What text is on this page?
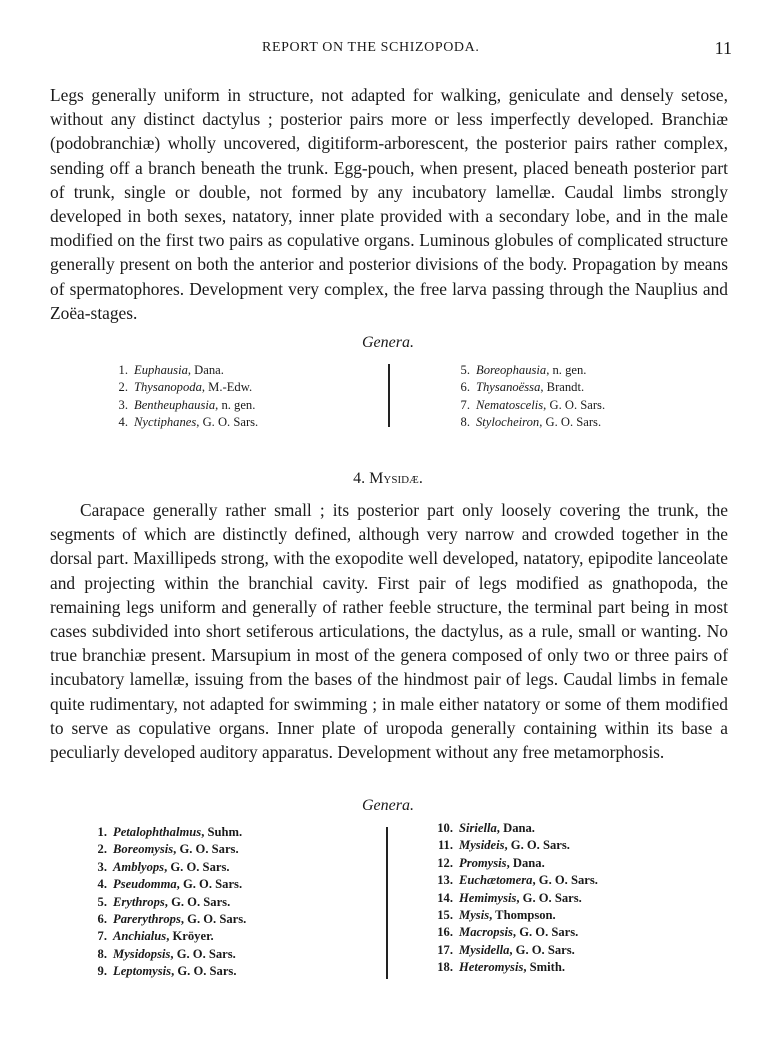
REPORT ON THE SCHIZOPODA.	11

Legs generally uniform in structure, not adapted for walking, geniculate and densely setose, without any distinct dactylus ; posterior pairs more or less imperfectly developed. Branchiæ (podobranchiæ) wholly uncovered, digitiform-arborescent, the posterior pairs rather complex, sending off a branch beneath the trunk. Egg-pouch, when present, placed beneath posterior part of trunk, single or double, not formed by any incubatory lamellæ. Caudal limbs strongly developed in both sexes, natatory, inner plate provided with a secondary lobe, and in the male modified on the first two pairs as copulative organs. Luminous globules of complicated structure generally present on both the anterior and posterior divisions of the body. Propagation by means of spermatophores. Development very complex, the free larva passing through the Nauplius and Zoëa-stages.

Genera.
1. Euphausia, Dana.
2. Thysanopoda, M.-Edw.
3. Bentheuphausia, n. gen.
4. Nyctiphanes, G. O. Sars.
5. Boreophausia, n. gen.
6. Thysanoëssa, Brandt.
7. Nematoscelis, G. O. Sars.
8. Stylocheiron, G. O. Sars.
4. Mysidæ.

Carapace generally rather small ; its posterior part only loosely covering the trunk, the segments of which are distinctly defined, although very narrow and crowded together in the dorsal part. Maxillipeds strong, with the exopodite well developed, natatory, epipodite lanceolate and projecting within the branchial cavity. First pair of legs modified as gnathopoda, the remaining legs uniform and generally of rather feeble structure, the terminal part being in most cases subdivided into short setiferous articulations, the dactylus, as a rule, small or wanting. No true branchiæ present. Marsupium in most of the genera composed of only two or three pairs of incubatory lamellæ, issuing from the bases of the hindmost pair of legs. Caudal limbs in female quite rudimentary, not adapted for swimming ; in male either natatory or some of them modified to serve as copulative organs. Inner plate of uropoda generally containing within its base a peculiarly developed auditory apparatus. Development without any free metamorphosis.

Genera.
1. Petalophthalmus, Suhm.
2. Boreomysis, G. O. Sars.
3. Amblyops, G. O. Sars.
4. Pseudomma, G. O. Sars.
5. Erythrops, G. O. Sars.
6. Parerythrops, G. O. Sars.
7. Anchialus, Kröyer.
8. Mysidopsis, G. O. Sars.
9. Leptomysis, G. O. Sars.
10. Siriella, Dana.
11. Mysideis, G. O. Sars.
12. Promysis, Dana.
13. Euchætomera, G. O. Sars.
14. Hemimysis, G. O. Sars.
15. Mysis, Thompson.
16. Macropsis, G. O. Sars.
17. Mysidella, G. O. Sars.
18. Heteromysis, Smith.
